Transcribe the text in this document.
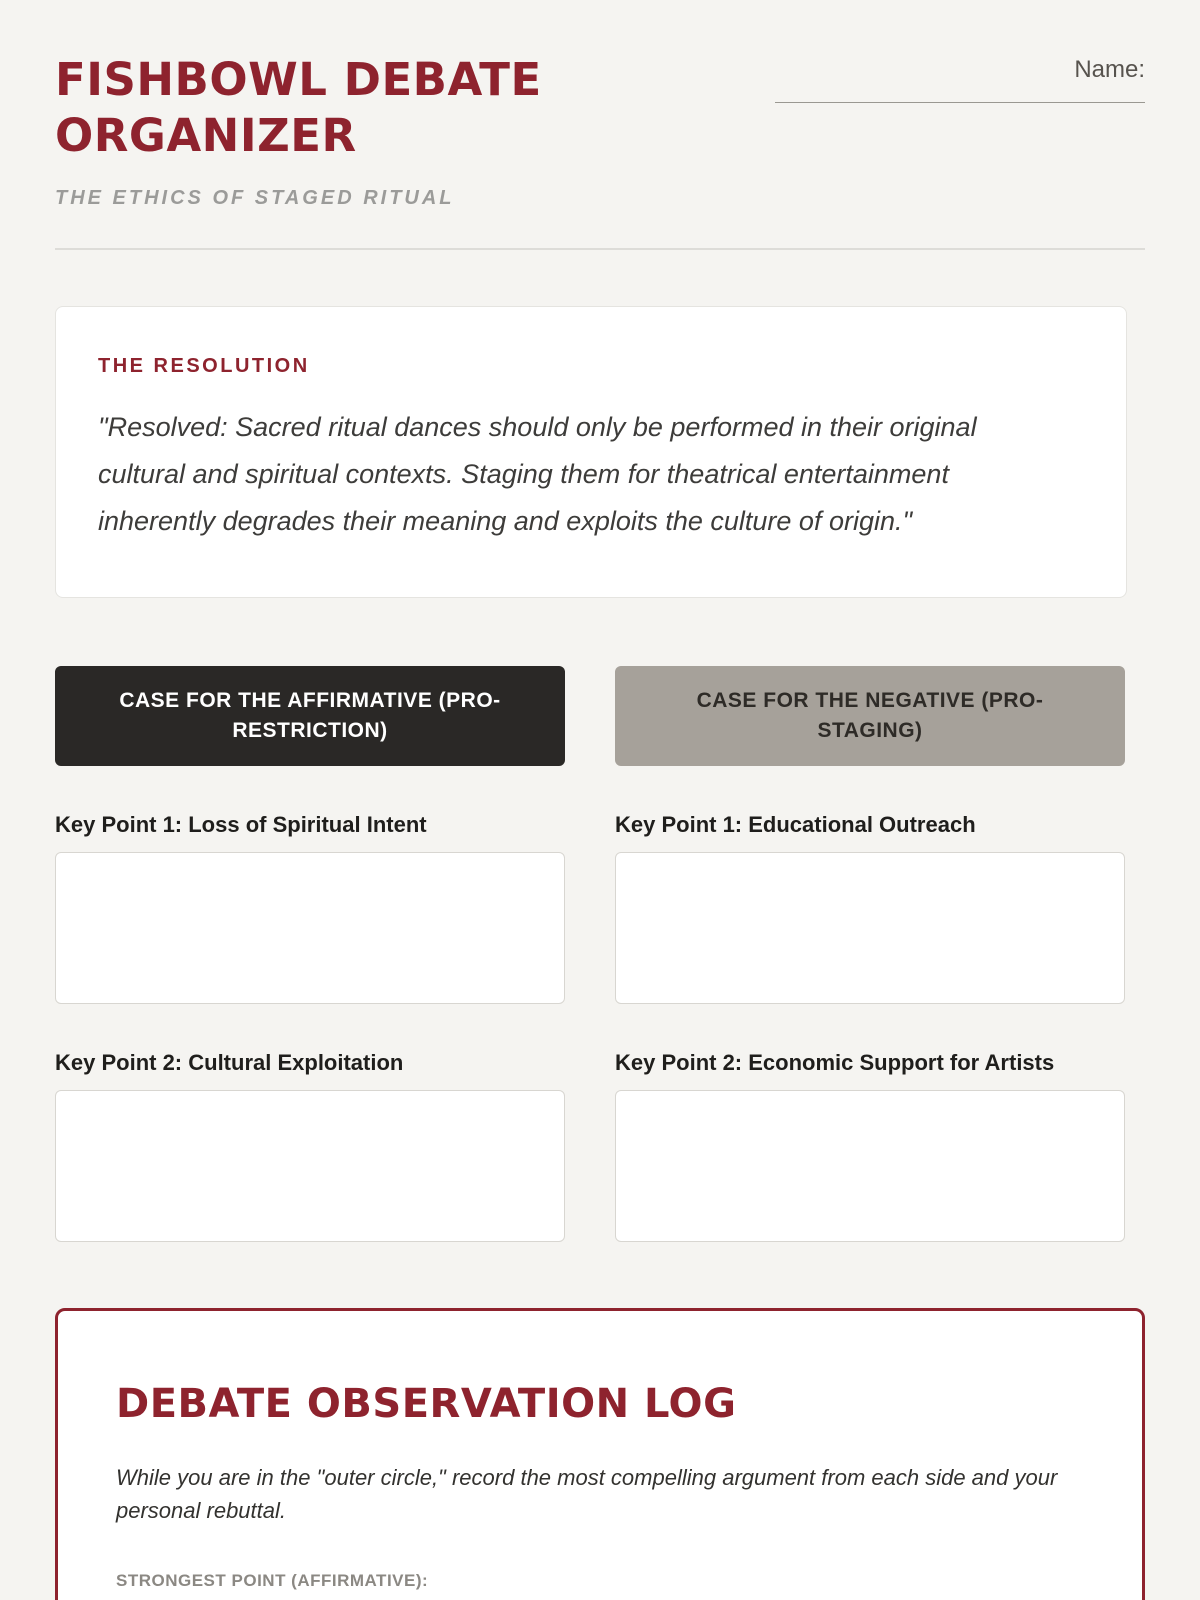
FISHBOWL DEBATE ORGANIZER
THE ETHICS OF STAGED RITUAL
Name:
THE RESOLUTION
"Resolved: Sacred ritual dances should only be performed in their original cultural and spiritual contexts. Staging them for theatrical entertainment inherently degrades their meaning and exploits the culture of origin."
CASE FOR THE AFFIRMATIVE (PRO-RESTRICTION)
CASE FOR THE NEGATIVE (PRO-STAGING)
Key Point 1: Loss of Spiritual Intent	Key Point 1: Educational Outreach
Key Point 2: Cultural Exploitation	Key Point 2: Economic Support for Artists
DEBATE OBSERVATION LOG
While you are in the "outer circle," record the most compelling argument from each side and your personal rebuttal.
STRONGEST POINT (AFFIRMATIVE):
